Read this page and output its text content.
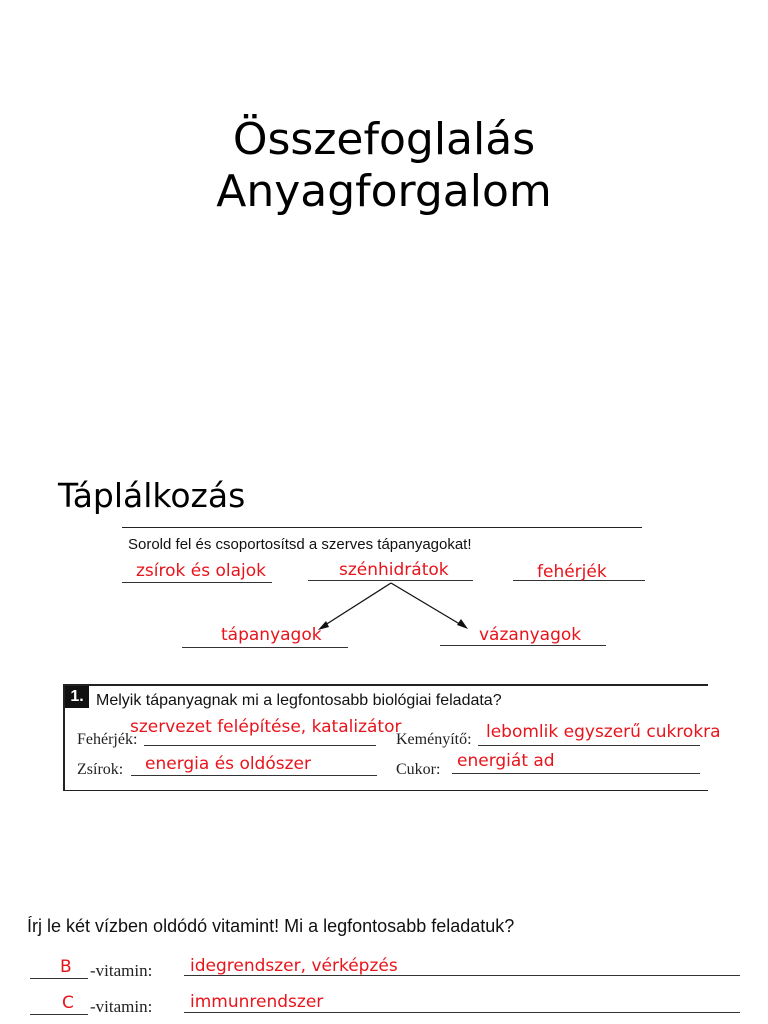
Összefoglalás
Anyagforgalom
Táplálkozás
Sorold fel és csoportosítsd a szerves tápanyagokat!
zsírok és olajok	szénhidrátok	fehérjék
tápanyagok	vázanyagok
1. Melyik tápanyagnak mi a legfontosabb biológiai feladata?
Fehérjék:
szervezet felépítése, katalizátor
Keményítő: lebomlik egyszerű cukrokra
Zsírok: energia és oldószer	Cukor: energiát ad
Írj le két vízben oldódó vitamint! Mi a legfontosabb feladatuk?
B -vitamin: idegrendszer, vérképzés
C -vitamin: immunrendszer
